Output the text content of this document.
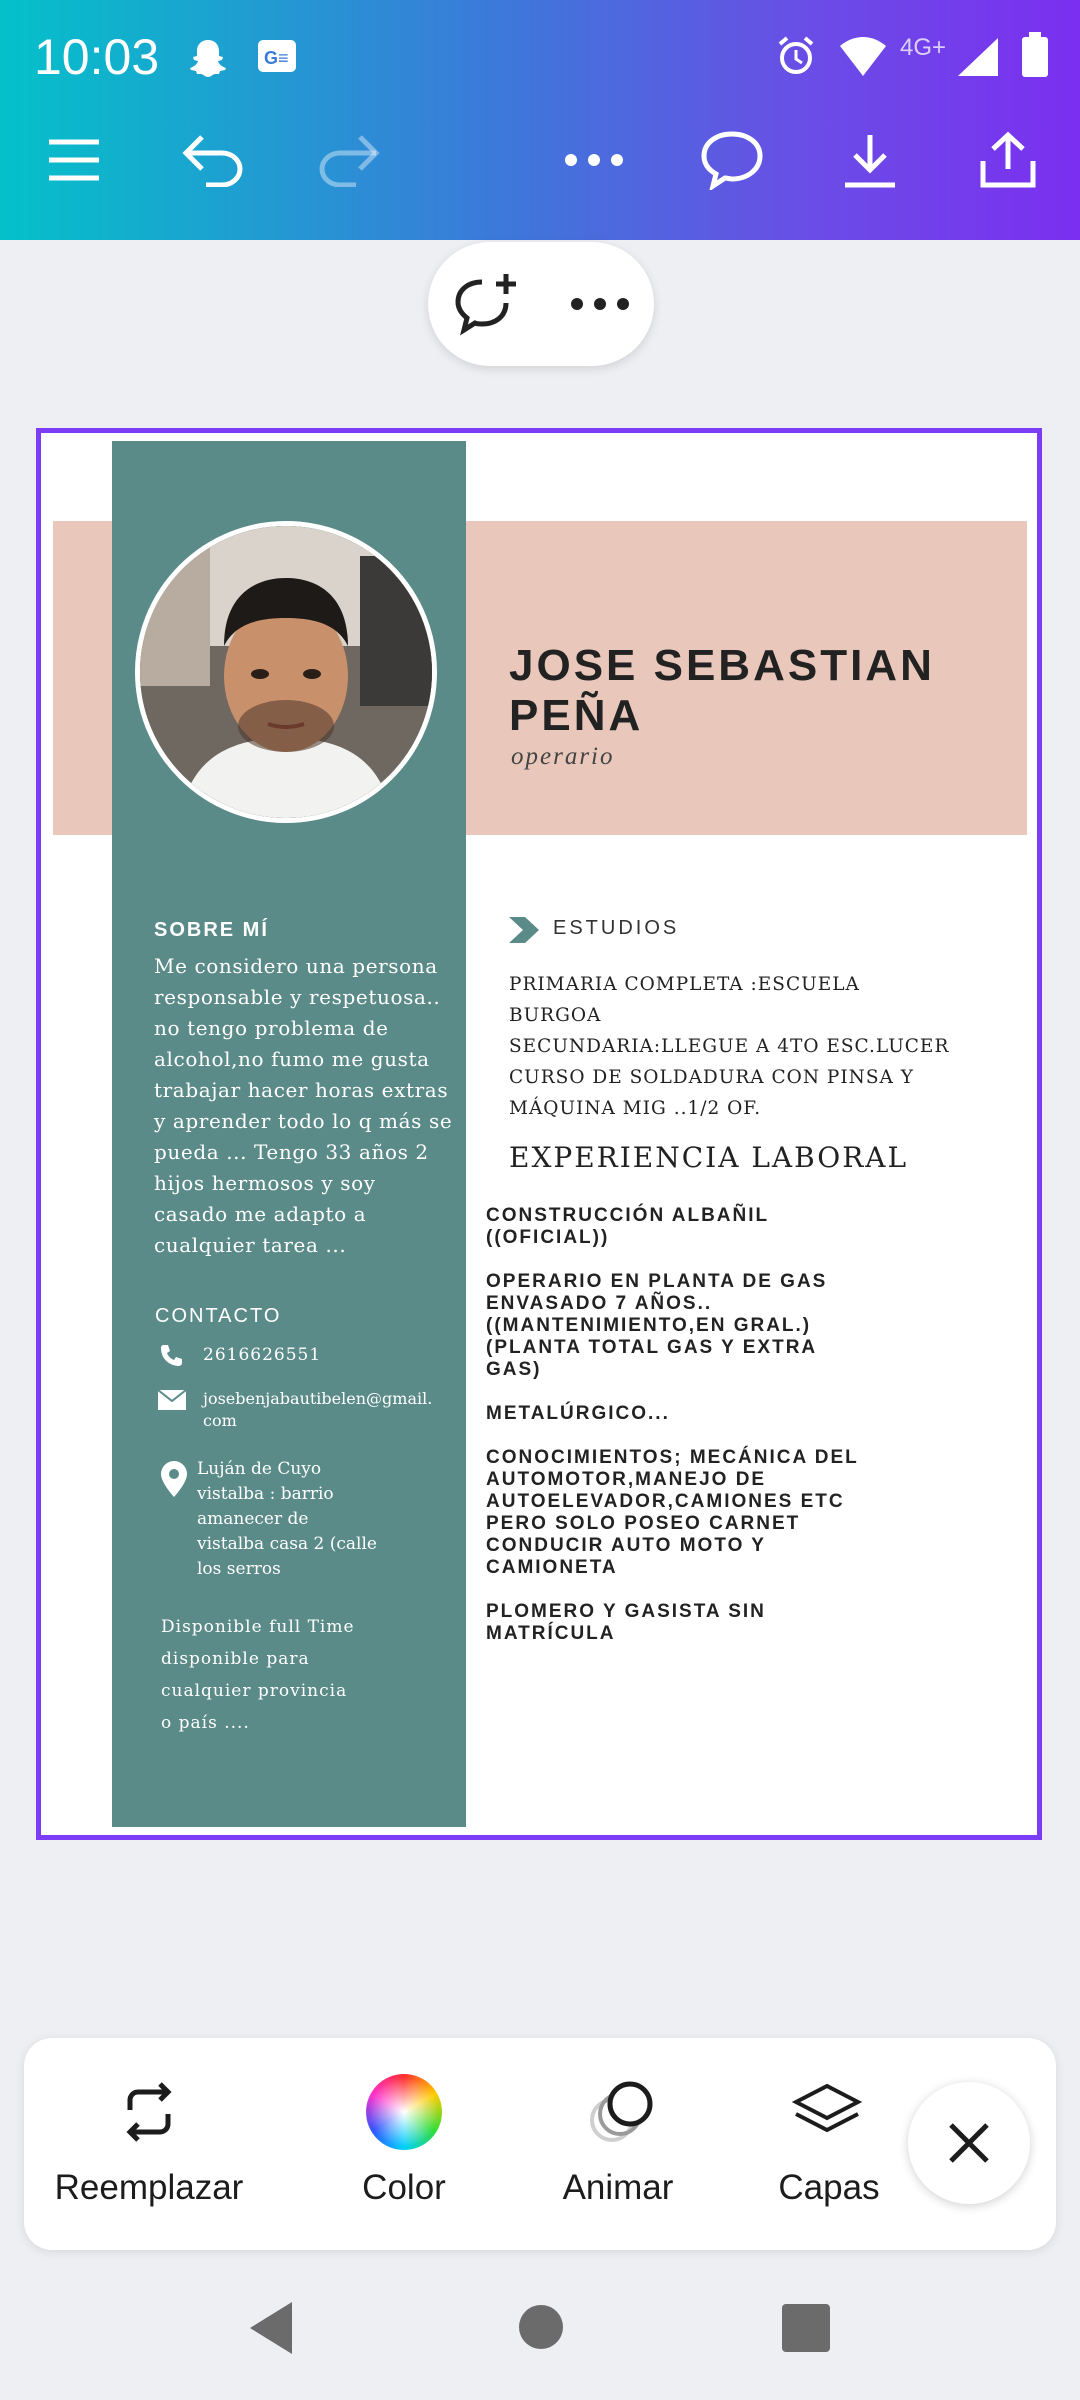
10:03	G≡	4G+
JOSE SEBASTIAN PEÑA
operario
SOBRE MÍ
Me considero una persona responsable y respetuosa.. no tengo problema de alcohol,no fumo me gusta trabajar hacer horas extras y aprender todo lo q más se pueda ... Tengo 33 años 2 hijos hermosos y soy casado me adapto a cualquier tarea ...
CONTACTO
2616626551
josebenjabautibelen@gmail.
com
Luján de Cuyo
vistalba : barrio
amanecer de
vistalba casa 2 (calle
los serros
Disponible full Time
disponible para
cualquier provincia
o país ....
ESTUDIOS
PRIMARIA COMPLETA :ESCUELA
BURGOA
SECUNDARIA:LLEGUE A 4TO ESC.LUCER
CURSO DE SOLDADURA CON PINSA Y
MÁQUINA MIG ..1/2 OF.
EXPERIENCIA LABORAL
CONSTRUCCIÓN ALBAÑIL ((OFICIAL))
OPERARIO EN PLANTA DE GAS ENVASADO 7 AÑOS.. ((MANTENIMIENTO,EN GRAL.) (PLANTA TOTAL GAS Y EXTRA GAS)
METALÚRGICO...
CONOCIMIENTOS; MECÁNICA DEL AUTOMOTOR,MANEJO DE AUTOELEVADOR,CAMIONES ETC PERO SOLO POSEO CARNET CONDUCIR AUTO MOTO Y CAMIONETA
PLOMERO Y GASISTA SIN MATRÍCULA
Reemplazar	Color	Animar	Capas
